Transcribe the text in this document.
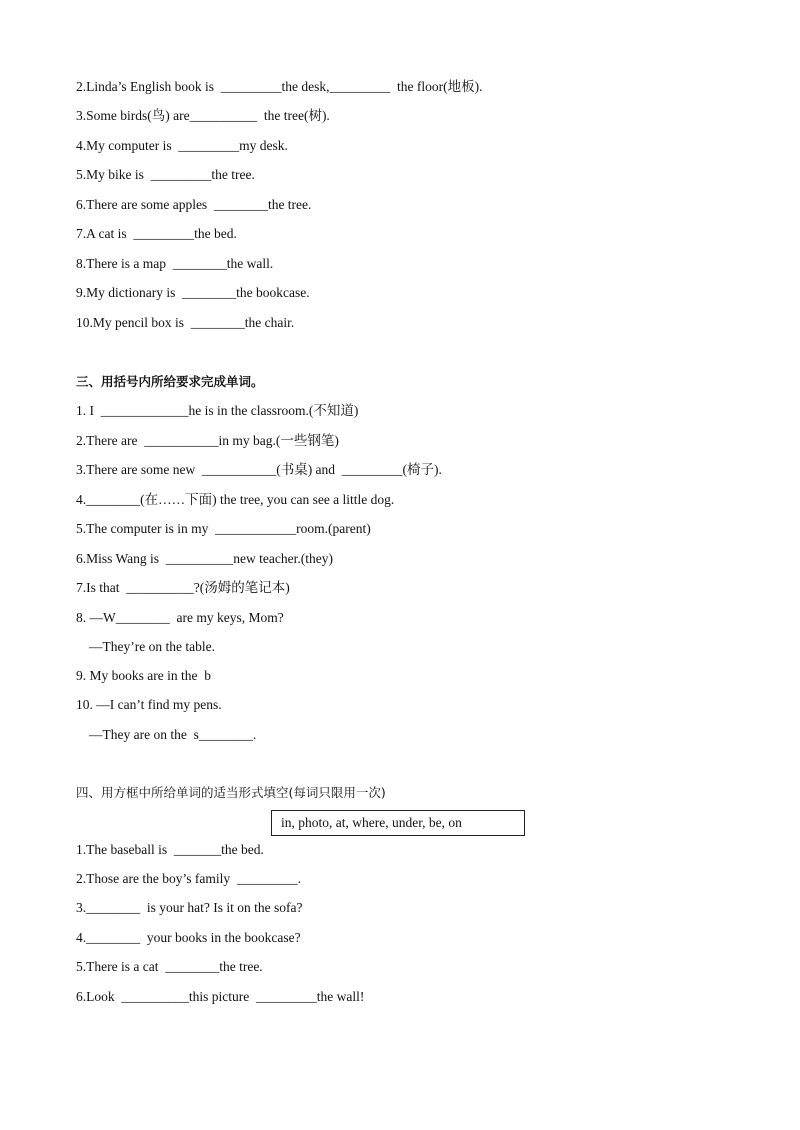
2.Linda’s English book is  _________the desk,_________  the floor(地板).
3.Some birds(鸟) are__________  the tree(树).
4.My computer is  _________my desk.
5.My bike is  _________the tree.
6.There are some apples  ________the tree.
7.A cat is  _________the bed.
8.There is a map  ________the wall.
9.My dictionary is  ________the bookcase.
10.My pencil box is  ________the chair.
三、用括号内所给要求完成单词。
1. I  _____________he is in the classroom.(不知道)
2.There are  ___________in my bag.(一些钢笔)
3.There are some new  ___________(书桌) and  _________(椅子).
4.________(在……下面) the tree, you can see a little dog.
5.The computer is in my  ____________room.(parent)
6.Miss Wang is  __________new teacher.(they)
7.Is that  __________?(汤姆的笔记本)
8. —W________  are my keys, Mom?
—They’re on the table.
9. My books are in the  b
10. —I can’t find my pens.
—They are on the  s________.
四、用方框中所给单词的适当形式填空(每词只限用一次)
in, photo, at, where, under, be, on
1.The baseball is  _______the bed.
2.Those are the boy’s family  _________.
3.________  is your hat? Is it on the sofa?
4.________  your books in the bookcase?
5.There is a cat  ________the tree.
6.Look  __________this picture  _________the wall!
